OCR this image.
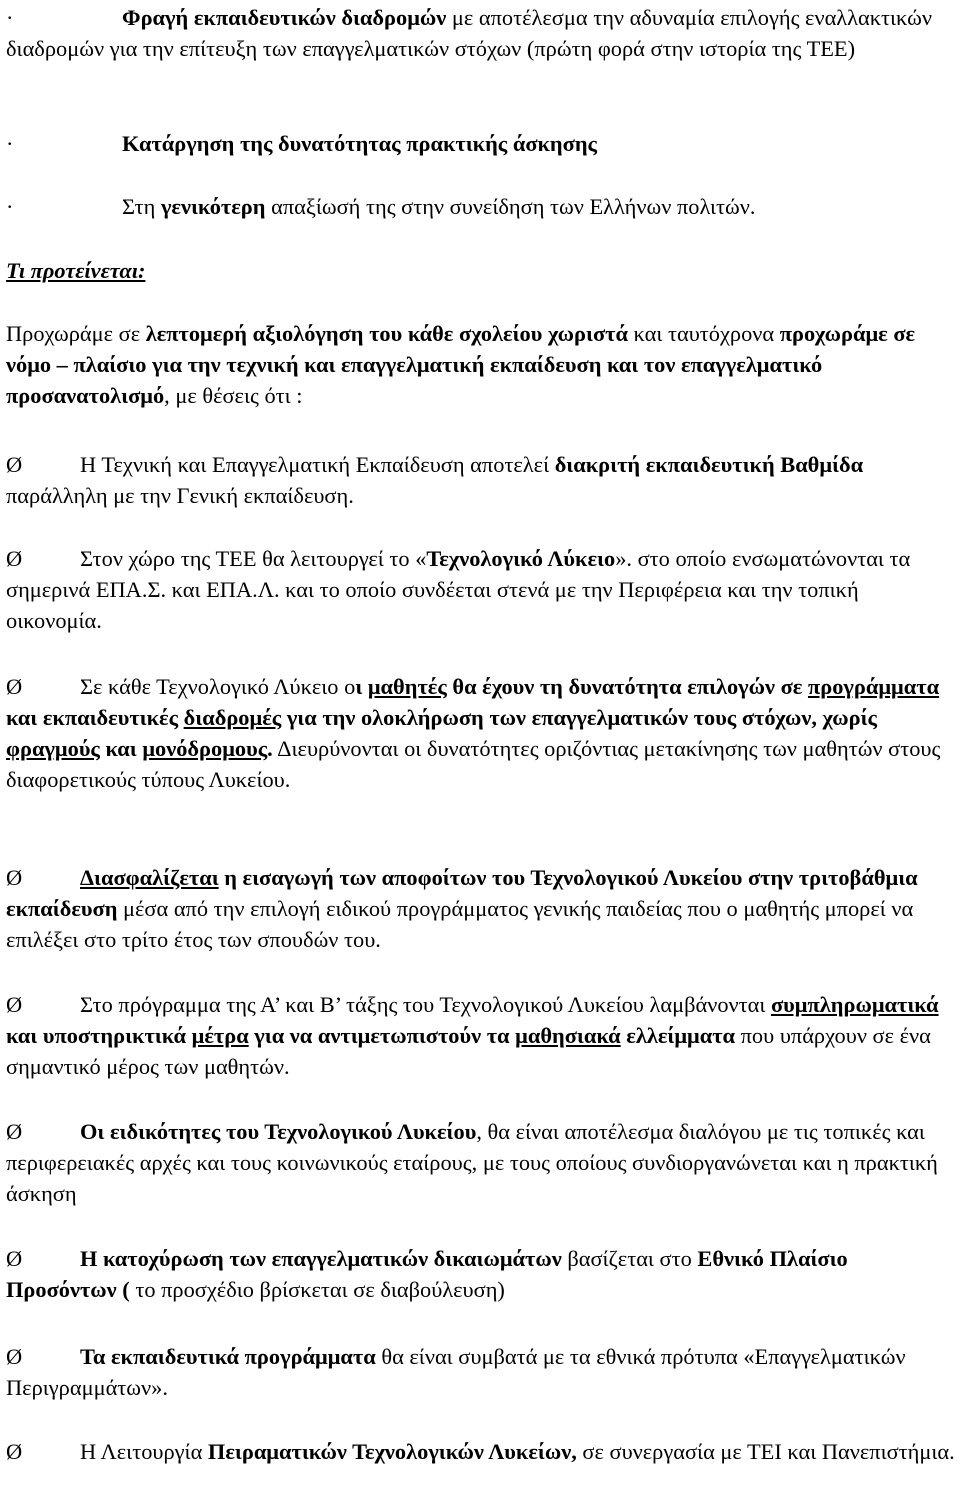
·	Φραγή εκπαιδευτικών διαδρομών με αποτέλεσμα την αδυναμία επιλογής εναλλακτικών διαδρομών για την επίτευξη των επαγγελματικών στόχων (πρώτη φορά στην ιστορία της ΤΕΕ)
·	Κατάργηση της δυνατότητας πρακτικής άσκησης
·	Στη γενικότερη απαξίωσή της στην συνείδηση των Ελλήνων πολιτών.
Τι προτείνεται:
Προχωράμε σε λεπτομερή αξιολόγηση του κάθε σχολείου χωριστά και ταυτόχρονα προχωράμε σε νόμο – πλαίσιο για την τεχνική και επαγγελματική εκπαίδευση και τον επαγγελματικό προσανατολισμό, με θέσεις ότι :
Ø	Η Τεχνική και Επαγγελματική Εκπαίδευση αποτελεί διακριτή εκπαιδευτική Βαθμίδα παράλληλη με την Γενική εκπαίδευση.
Ø	Στον χώρο της ΤΕΕ θα λειτουργεί το «Τεχνολογικό Λύκειο». στο οποίο ενσωματώνονται τα σημερινά ΕΠΑ.Σ. και ΕΠΑ.Λ. και το οποίο συνδέεται στενά με την Περιφέρεια και την τοπική οικονομία.
Ø	Σε κάθε Τεχνολογικό Λύκειο οι μαθητές θα έχουν τη δυνατότητα επιλογών σε προγράμματα και εκπαιδευτικές διαδρομές για την ολοκλήρωση των επαγγελματικών τους στόχων, χωρίς φραγμούς και μονόδρομους. Διευρύνονται οι δυνατότητες οριζόντιας μετακίνησης των μαθητών στους διαφορετικούς τύπους Λυκείου.
Ø	Διασφαλίζεται η εισαγωγή των αποφοίτων του Τεχνολογικού Λυκείου στην τριτοβάθμια εκπαίδευση μέσα από την επιλογή ειδικού προγράμματος γενικής παιδείας που ο μαθητής μπορεί να επιλέξει στο τρίτο έτος των σπουδών του.
Ø	Στο πρόγραμμα της Α’ και Β’ τάξης του Τεχνολογικού Λυκείου λαμβάνονται συμπληρωματικά και υποστηρικτικά μέτρα για να αντιμετωπιστούν τα μαθησιακά ελλείμματα που υπάρχουν σε ένα σημαντικό μέρος των μαθητών.
Ø	Οι ειδικότητες του Τεχνολογικού Λυκείου, θα είναι αποτέλεσμα διαλόγου με τις τοπικές και περιφερειακές αρχές και τους κοινωνικούς εταίρους, με τους οποίους συνδιοργανώνεται και η πρακτική άσκηση
Ø	Η κατοχύρωση των επαγγελματικών δικαιωμάτων βασίζεται στο Εθνικό Πλαίσιο Προσόντων ( το προσχέδιο βρίσκεται σε διαβούλευση)
Ø	Τα εκπαιδευτικά προγράμματα θα είναι συμβατά με τα εθνικά πρότυπα «Επαγγελματικών Περιγραμμάτων».
Ø	Η Λειτουργία Πειραματικών Τεχνολογικών Λυκείων, σε συνεργασία με ΤΕΙ και Πανεπιστήμια.
